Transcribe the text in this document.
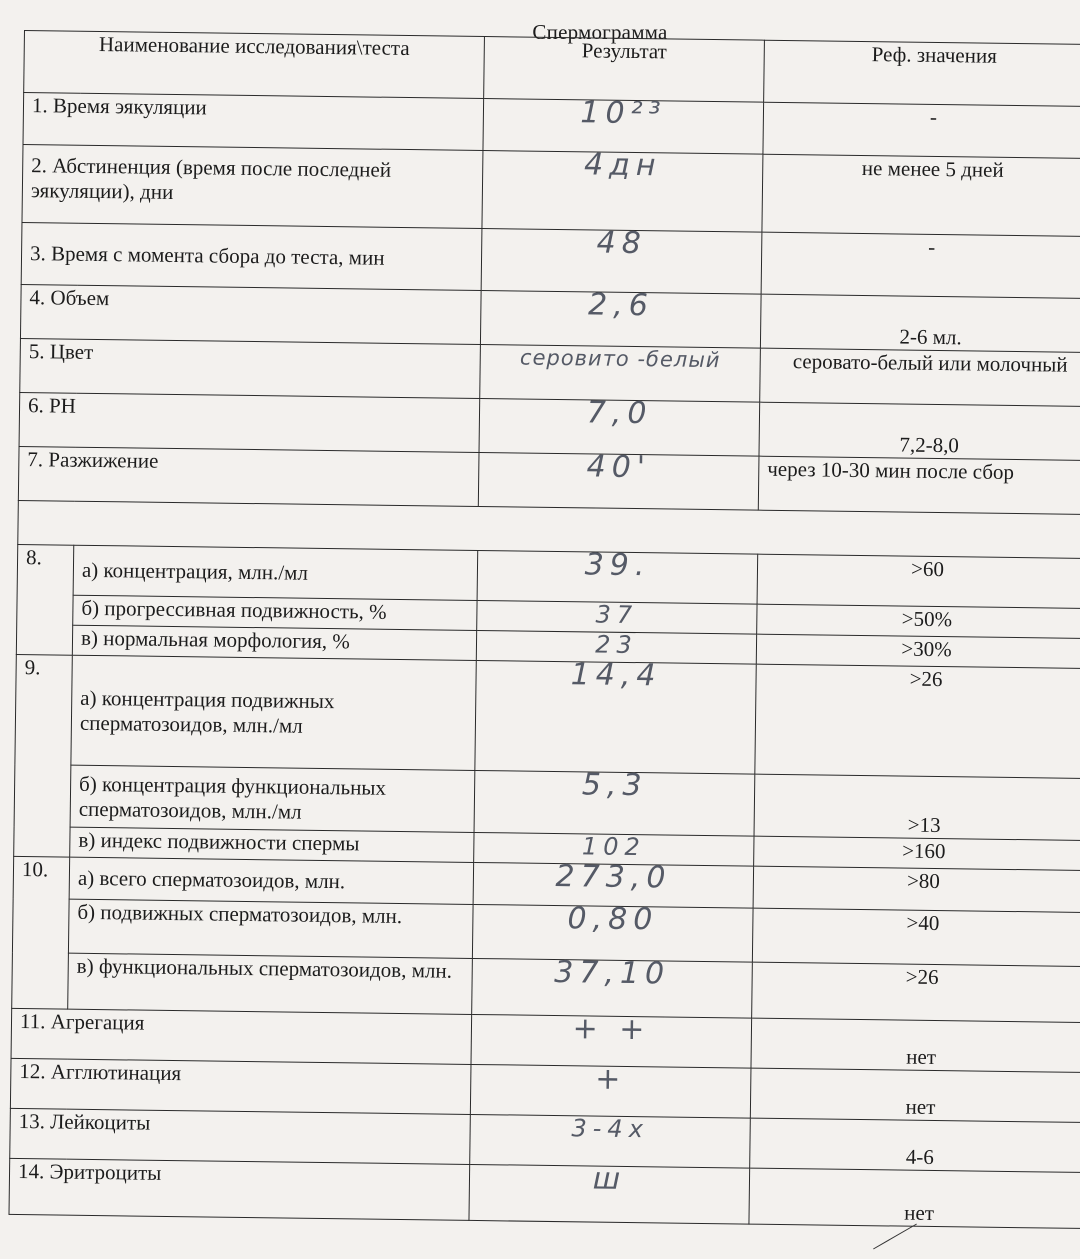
Спермограмма
Наименование исследования\теста		Результат	Реф. значения
1. Время эякуляции		10²³	-
2. Абстиненция (время после последней эякуляции), дни		4дн	не менее 5 дней
3. Время с момента сбора до теста, мин		48	-
4. Объем		2,6	2-6 мл.
5. Цвет		серовито -белый	серовато-белый или молочный
6. PH		7,0	7,2-8,0
7. Разжижение		40'	через 10-30 мин после сбор

8.	а) концентрация, млн./мл	39.	>60
	б) прогрессивная подвижность, %	37	>50%
	в) нормальная морфология, %	23	>30%
9.	а) концентрация подвижных сперматозоидов, млн./мл	14,4	>26
	б) концентрация функциональных сперматозоидов, млн./мл	5,3	>13
	в) индекс подвижности спермы	102	>160
10.	а) всего сперматозоидов, млн.	273,0	>80
	б) подвижных сперматозоидов, млн.	0,80	>40
	в) функциональных сперматозоидов, млн.	37,10	>26
11. Агрегация		+ +	нет
12. Агглютинация		+	нет
13. Лейкоциты		3-4х	4-6
14. Эритроциты		ш	нет
